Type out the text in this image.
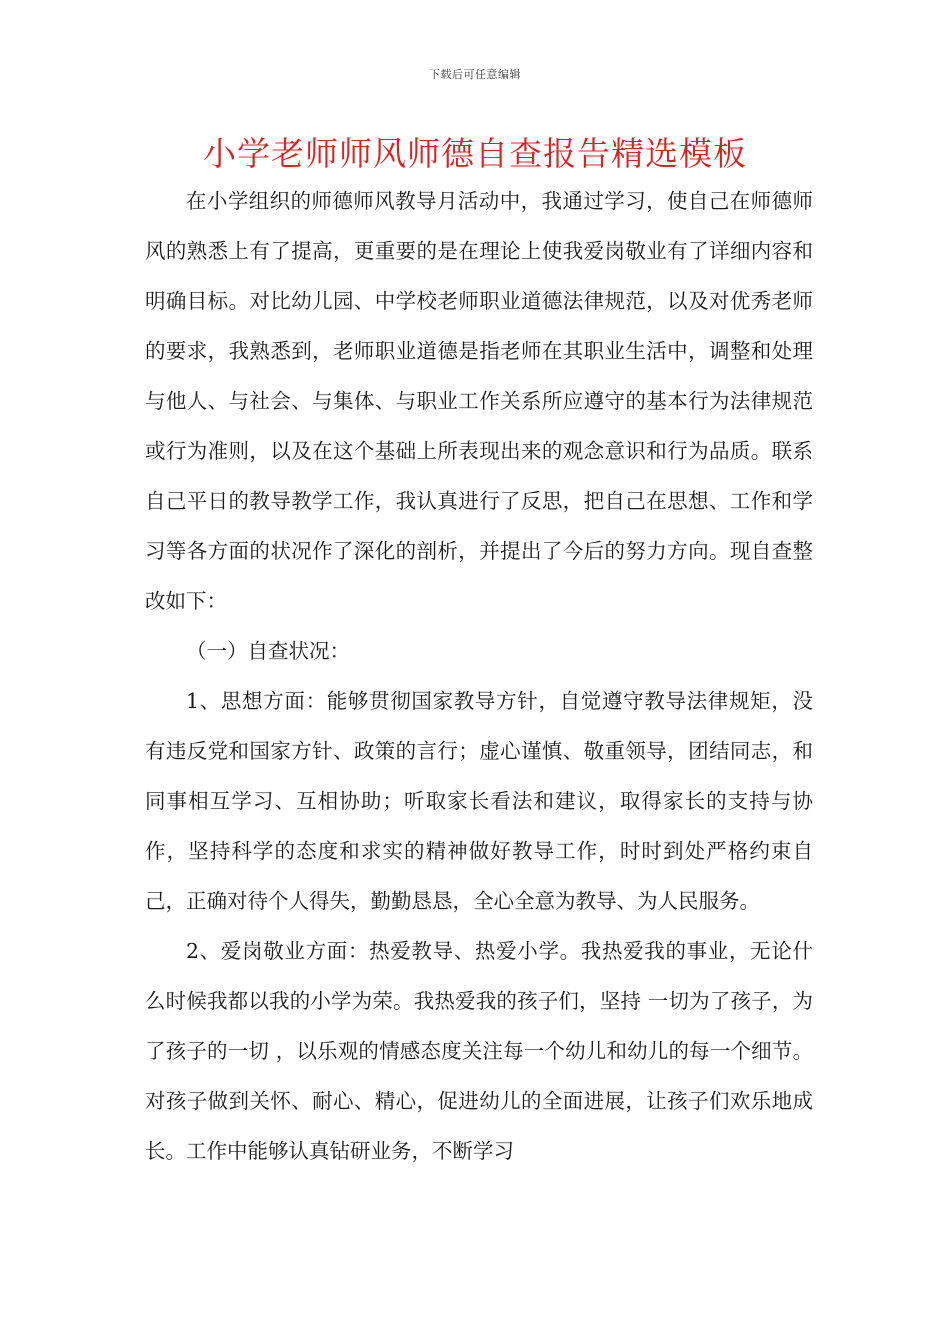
下载后可任意编辑
小学老师师风师德自查报告精选模板

在小学组织的师德师风教导月活动中，我通过学习，使自己在师德师风的熟悉上有了提高，更重要的是在理论上使我爱岗敬业有了详细内容和明确目标。对比幼儿园、中学校老师职业道德法律规范，以及对优秀老师的要求，我熟悉到，老师职业道德是指老师在其职业生活中，调整和处理与他人、与社会、与集体、与职业工作关系所应遵守的基本行为法律规范或行为准则，以及在这个基础上所表现出来的观念意识和行为品质。联系自己平日的教导教学工作，我认真进行了反思，把自己在思想、工作和学习等各方面的状况作了深化的剖析，并提出了今后的努力方向。现自查整改如下：

（一）自查状况：

1、思想方面：能够贯彻国家教导方针，自觉遵守教导法律规矩，没有违反党和国家方针、政策的言行；虚心谨慎、敬重领导，团结同志，和同事相互学习、互相协助；听取家长看法和建议，取得家长的支持与协作，坚持科学的态度和求实的精神做好教导工作，时时到处严格约束自己，正确对待个人得失，勤勤恳恳，全心全意为教导、为人民服务。

2、爱岗敬业方面：热爱教导、热爱小学。我热爱我的事业，无论什么时候我都以我的小学为荣。我热爱我的孩子们，坚持 一切为了孩子，为了孩子的一切 ，以乐观的情感态度关注每一个幼儿和幼儿的每一个细节。对孩子做到关怀、耐心、精心，促进幼儿的全面进展，让孩子们欢乐地成长。工作中能够认真钻研业务，不断学习
